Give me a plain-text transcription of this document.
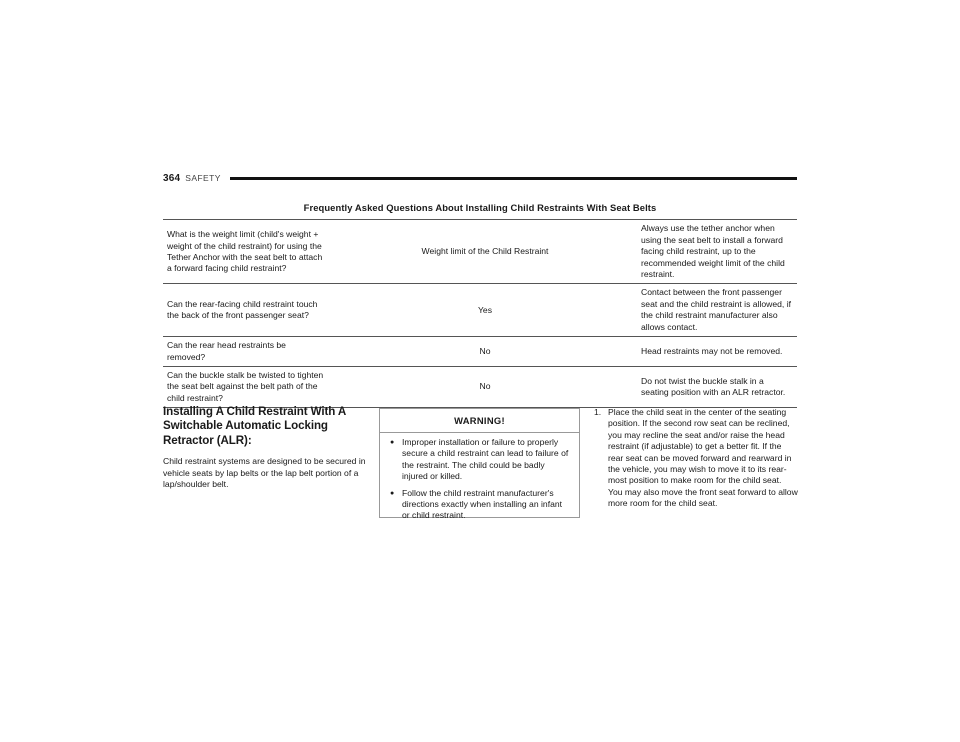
364 SAFETY
Frequently Asked Questions About Installing Child Restraints With Seat Belts
What is the weight limit (child's weight + weight of the child restraint) for using the Tether Anchor with the seat belt to attach a forward facing child restraint?	Weight limit of the Child Restraint	Always use the tether anchor when using the seat belt to install a forward facing child restraint, up to the recommended weight limit of the child restraint.
Can the rear-facing child restraint touch the back of the front passenger seat?	Yes	Contact between the front passenger seat and the child restraint is allowed, if the child restraint manufacturer also allows contact.
Can the rear head restraints be removed?	No	Head restraints may not be removed.
Can the buckle stalk be twisted to tighten the seat belt against the belt path of the child restraint?	No	Do not twist the buckle stalk in a seating position with an ALR retractor.
Installing A Child Restraint With A Switchable Automatic Locking Retractor (ALR):

Child restraint systems are designed to be secured in vehicle seats by lap belts or the lap belt portion of a lap/shoulder belt.

WARNING!
● Improper installation or failure to properly secure a child restraint can lead to failure of the restraint. The child could be badly injured or killed.
● Follow the child restraint manufacturer's directions exactly when installing an infant or child restraint.
1. Place the child seat in the center of the seating position. If the second row seat can be reclined, you may recline the seat and/or raise the head restraint (if adjustable) to get a better fit. If the rear seat can be moved forward and rearward in the vehicle, you may wish to move it to its rear-most position to make room for the child seat. You may also move the front seat forward to allow more room for the child seat.
